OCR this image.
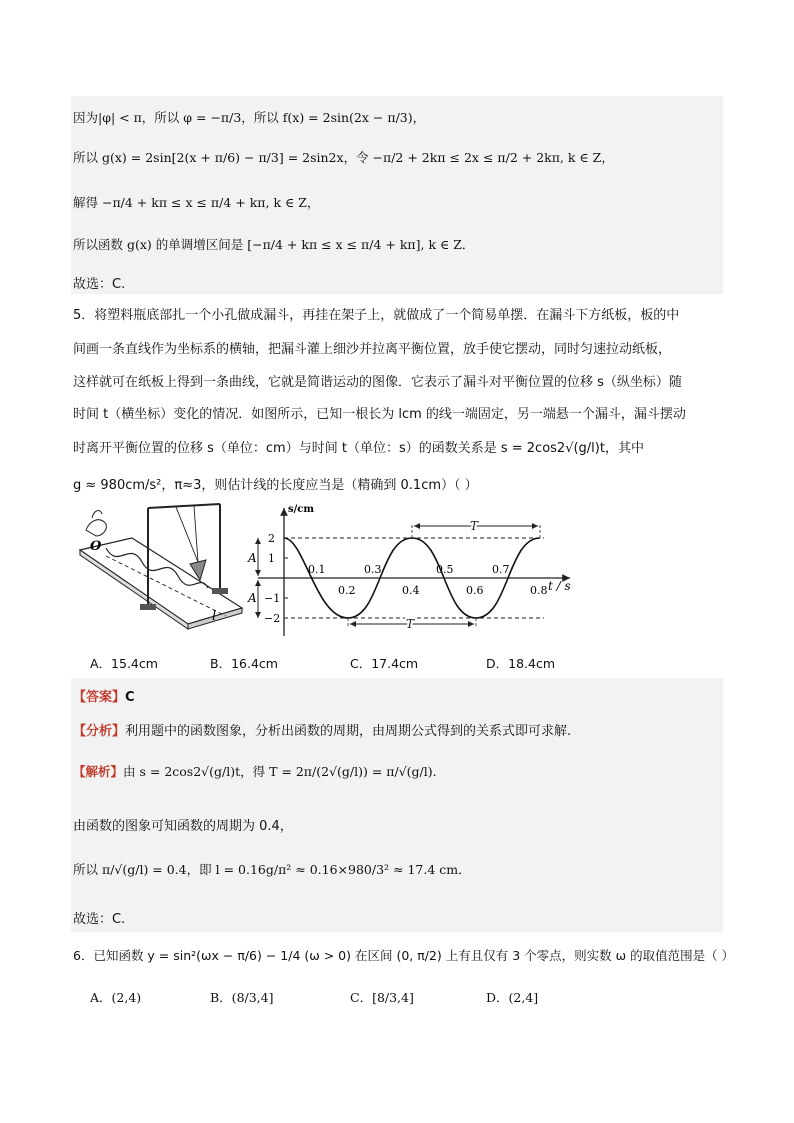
因为|φ| < π，所以 φ = −π/3，所以 f(x) = 2sin(2x − π/3)，
所以 g(x) = 2sin[2(x + π/6) − π/3] = 2sin2x，令 −π/2 + 2kπ ≤ 2x ≤ π/2 + 2kπ, k ∈ Z，
解得 −π/4 + kπ ≤ x ≤ π/4 + kπ, k ∈ Z，
所以函数 g(x) 的单调增区间是 [−π/4 + kπ ≤ x ≤ π/4 + kπ], k ∈ Z．
故选：C.
5．将塑料瓶底部扎一个小孔做成漏斗，再挂在架子上，就做成了一个简易单摆．在漏斗下方纸板，板的中
间画一条直线作为坐标系的横轴，把漏斗灌上细沙并拉离平衡位置，放手使它摆动，同时匀速拉动纸板，
这样就可在纸板上得到一条曲线，它就是简谐运动的图像．它表示了漏斗对平衡位置的位移 s（纵坐标）随
时间 t（横坐标）变化的情况．如图所示，已知一根长为 lcm 的线一端固定，另一端悬一个漏斗，漏斗摆动
时离开平衡位置的位移 s（单位：cm）与时间 t（单位：s）的函数关系是 s = 2cos2√(g/l)t，其中
g ≈ 980cm/s²，π≈3，则估计线的长度应当是（精确到 0.1cm）（ ）
O
l
s/cm
t / s
T
T
A
A
2
1
−1
−2
0.1	0.3	0.5	0.7
0.2	0.4	0.6	0.8
A．15.4cm	B．16.4cm	C．17.4cm	D．18.4cm
【答案】C
【分析】利用题中的函数图象，分析出函数的周期，由周期公式得到的关系式即可求解.
【解析】由 s = 2cos2√(g/l)t，得 T = 2π/(2√(g/l)) = π/√(g/l)．
由函数的图象可知函数的周期为 0.4，
所以 π/√(g/l) = 0.4，即 l = 0.16g/π² ≈ 0.16×980/3² ≈ 17.4 cm．
故选：C.
6．已知函数 y = sin²(ωx − π/6) − 1/4 (ω > 0) 在区间 (0, π/2) 上有且仅有 3 个零点，则实数 ω 的取值范围是（ ）
A．(2,4)	B．(8/3,4]	C．[8/3,4]	D．(2,4]
